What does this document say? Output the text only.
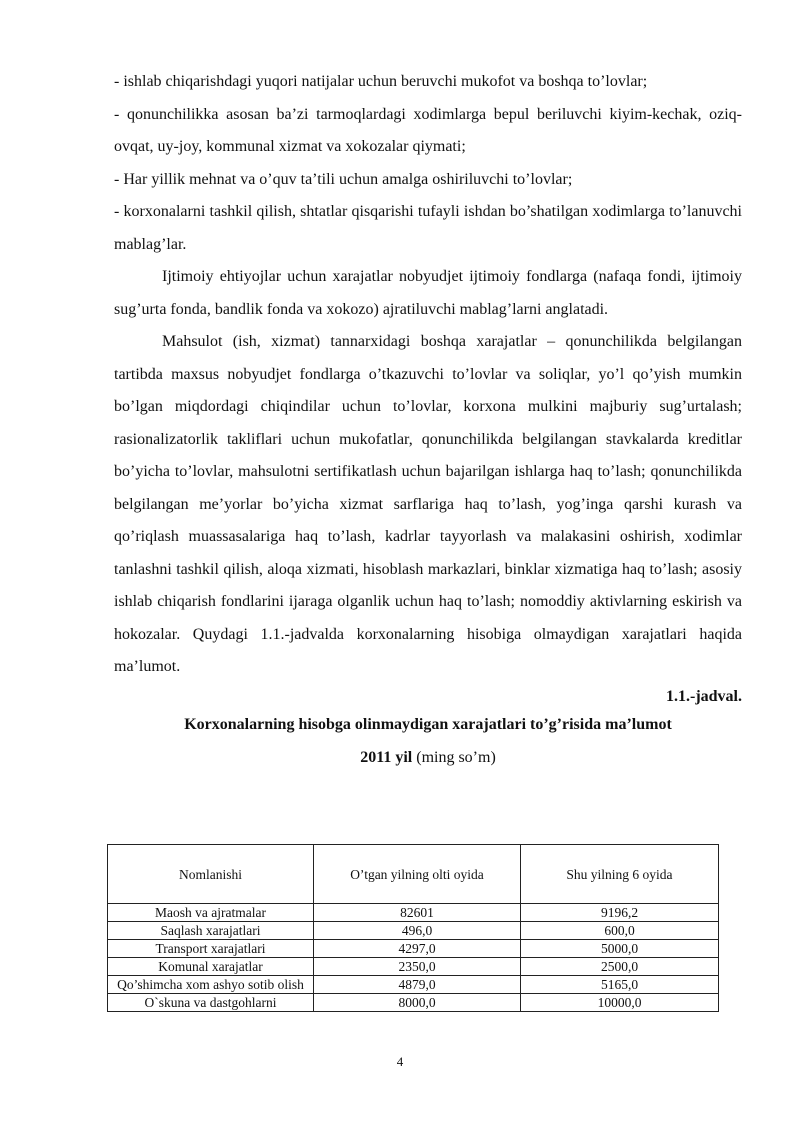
- ishlab chiqarishdagi yuqori natijalar uchun beruvchi mukofot va boshqa to’lovlar;

- qonunchilikka asosan ba’zi tarmoqlardagi xodimlarga bepul beriluvchi kiyim-kechak, oziq-ovqat, uy-joy, kommunal xizmat va xokozalar qiymati;

- Har yillik mehnat va o’quv ta’tili uchun amalga oshiriluvchi to’lovlar;

- korxonalarni tashkil qilish, shtatlar qisqarishi tufayli ishdan bo’shatilgan xodimlarga to’lanuvchi mablag’lar.

Ijtimoiy ehtiyojlar uchun xarajatlar nobyudjet ijtimoiy fondlarga (nafaqa fondi, ijtimoiy sug’urta fonda, bandlik fonda va xokozo) ajratiluvchi mablag’larni anglatadi.

Mahsulot (ish, xizmat) tannarxidagi boshqa xarajatlar – qonunchilikda belgilangan tartibda maxsus nobyudjet fondlarga o’tkazuvchi to’lovlar va soliqlar, yo’l qo’yish mumkin bo’lgan miqdordagi chiqindilar uchun to’lovlar, korxona mulkini majburiy sug’urtalash; rasionalizatorlik takliflari uchun mukofatlar, qonunchilikda belgilangan stavkalarda kreditlar bo’yicha to’lovlar, mahsulotni sertifikatlash uchun bajarilgan ishlarga haq to’lash; qonunchilikda belgilangan me’yorlar bo’yicha xizmat sarflariga haq to’lash, yog’inga qarshi kurash va qo’riqlash muassasalariga haq to’lash, kadrlar tayyorlash va malakasini oshirish, xodimlar tanlashni tashkil qilish, aloqa xizmati, hisoblash markazlari, binklar xizmatiga haq to’lash; asosiy ishlab chiqarish fondlarini ijaraga olganlik uchun haq to’lash; nomoddiy aktivlarning eskirish va hokozalar. Quydagi 1.1.-jadvalda korxonalarning hisobiga olmaydigan xarajatlari haqida ma’lumot.

1.1.-jadval.
Korxonalarning hisobga olinmaydigan xarajatlari to’g’risida ma’lumot
2011 yil (ming so’m)
Nomlanishi	O’tgan yilning olti oyida	Shu yilning 6 oyida
Maosh va ajratmalar	82601	9196,2
Saqlash xarajatlari	496,0	600,0
Transport xarajatlari	4297,0	5000,0
Komunal xarajatlar	2350,0	2500,0
Qo’shimcha xom ashyo sotib olish	4879,0	5165,0
O`skuna va dastgohlarni	8000,0	10000,0
4
